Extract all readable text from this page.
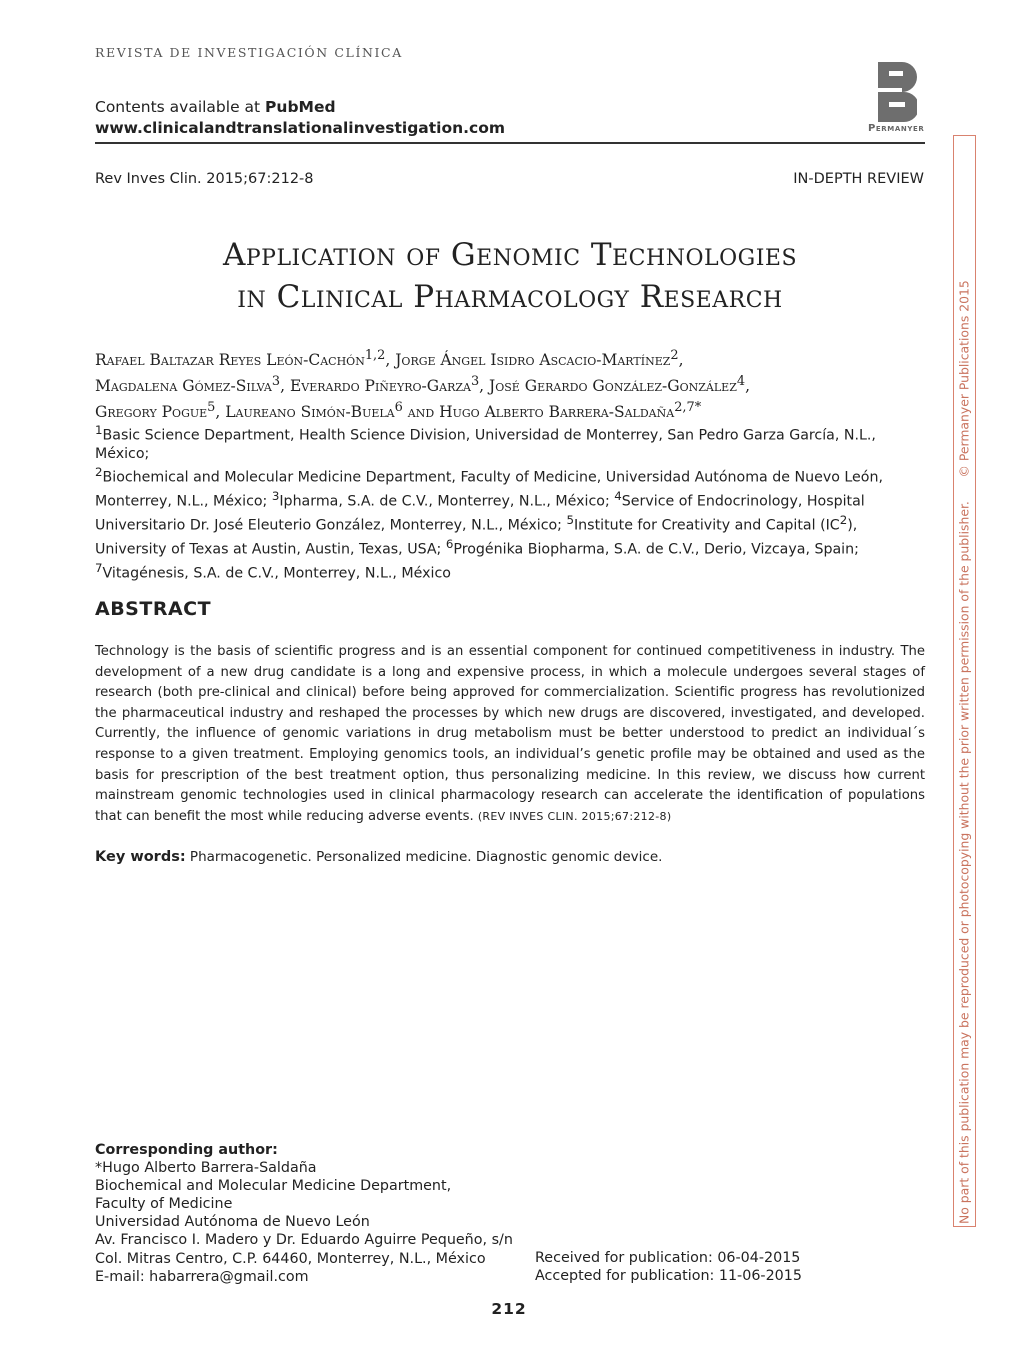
REVISTA DE INVESTIGACIÓN CLÍNICA
Contents available at PubMed
www.clinicalandtranslationalinvestigation.com	Permanyer
Rev Inves Clin. 2015;67:212-8	IN-DEPTH REVIEW
Application of Genomic Technologies
in Clinical Pharmacology Research
Rafael Baltazar Reyes León-Cachón$^{1,2}$, Jorge Ángel Isidro Ascacio-Martínez$^2$,
Magdalena Gómez-Silva$^3$, Everardo Piñeyro-Garza$^3$, José Gerardo González-González$^4$,
Gregory Pogue$^5$, Laureano Simón-Buela$^6$ and Hugo Alberto Barrera-Saldaña$^{2,7*}$
$^1$Basic Science Department, Health Science Division, Universidad de Monterrey, San Pedro Garza García, N.L., México;
$^2$Biochemical and Molecular Medicine Department, Faculty of Medicine, Universidad Autónoma de Nuevo León, Monterrey, N.L., México; $^3$Ipharma, S.A. de C.V., Monterrey, N.L., México; $^4$Service of Endocrinology, Hospital Universitario Dr. José Eleuterio González, Monterrey, N.L., México; $^5$Institute for Creativity and Capital $(IC^2)$, University of Texas at Austin, Austin, Texas, USA; $^6$Progénika Biopharma, S.A. de C.V., Derio, Vizcaya, Spain; $^7$Vitagénesis, S.A. de C.V., Monterrey, N.L., México
ABSTRACT
Technology is the basis of scientific progress and is an essential component for continued competitiveness in industry. The development of a new drug candidate is a long and expensive process, in which a molecule undergoes several stages of research (both pre-clinical and clinical) before being approved for commercialization. Scientific progress has revolutionized the pharmaceutical industry and reshaped the processes by which new drugs are discovered, investigated, and developed. Currently, the influence of genomic variations in drug metabolism must be better understood to predict an individual´s response to a given treatment. Employing genomics tools, an individual’s genetic profile may be obtained and used as the basis for prescription of the best treatment option, thus personalizing medicine. In this review, we discuss how current mainstream genomic technologies used in clinical pharmacology research can accelerate the identification of populations that can benefit the most while reducing adverse events. (REV INVES CLIN. 2015;67:212-8)
Key words: Pharmacogenetic. Personalized medicine. Diagnostic genomic device.
Corresponding author:
*Hugo Alberto Barrera-Saldaña
Biochemical and Molecular Medicine Department,
Faculty of Medicine
Universidad Autónoma de Nuevo León
Av. Francisco I. Madero y Dr. Eduardo Aguirre Pequeño, s/n
Col. Mitras Centro, C.P. 64460, Monterrey, N.L., México
E-mail: habarrera@gmail.com
Received for publication: 06-04-2015
Accepted for publication: 11-06-2015
212
No part of this publication may be reproduced or photocopying without the prior written permission of the publisher.      © Permanyer Publications 2015
